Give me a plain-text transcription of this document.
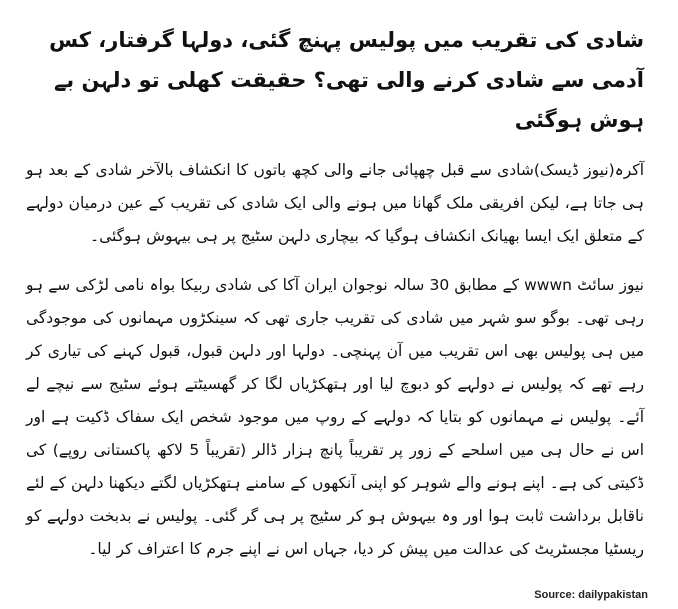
شادی کی تقریب میں پولیس پہنچ گئی، دولہا گرفتار، کس آدمی سے شادی کرنے والی تھی؟ حقیقت کھلی تو دلہن بے ہوش ہوگئی

آکرہ(نیوز ڈیسک)شادی سے قبل چھپائی جانے والی کچھ باتوں کا انکشاف بالآخر شادی کے بعد ہو ہی جاتا ہے، لیکن افریقی ملک گھانا میں ہونے والی ایک شادی کی تقریب کے عین درمیان دولہے کے متعلق ایک ایسا بھیانک انکشاف ہوگیا کہ بیچاری دلہن سٹیج پر ہی بیہوش ہوگئی۔

نیوز سائٹ wwwn کے مطابق 30 سالہ نوجوان ایران آکا کی شادی ربیکا بواہ نامی لڑکی سے ہو رہی تھی۔ بوگو سو شہر میں شادی کی تقریب جاری تھی کہ سینکڑوں مہمانوں کی موجودگی میں ہی پولیس بھی اس تقریب میں آن پہنچی۔ دولہا اور دلہن قبول، قبول کہنے کی تیاری کر رہے تھے کہ پولیس نے دولہے کو دبوچ لیا اور ہتھکڑیاں لگا کر گھسیٹتے ہوئے سٹیج سے نیچے لے آئے۔ پولیس نے مہمانوں کو بتایا کہ دولہے کے روپ میں موجود شخص ایک سفاک ڈکیت ہے اور اس نے حال ہی میں اسلحے کے زور پر تقریباً پانچ ہزار ڈالر (تقریباً 5 لاکھ پاکستانی روپے) کی ڈکیتی کی ہے۔ اپنے ہونے والے شوہر کو اپنی آنکھوں کے سامنے ہتھکڑیاں لگتے دیکھنا دلہن کے لئے ناقابل برداشت ثابت ہوا اور وہ بیہوش ہو کر سٹیج پر ہی گر گئی۔ پولیس نے بدبخت دولہے کو ریسٹیا مجسٹریٹ کی عدالت میں پیش کر دیا، جہاں اس نے اپنے جرم کا اعتراف کر لیا۔

Source: dailypakistan
